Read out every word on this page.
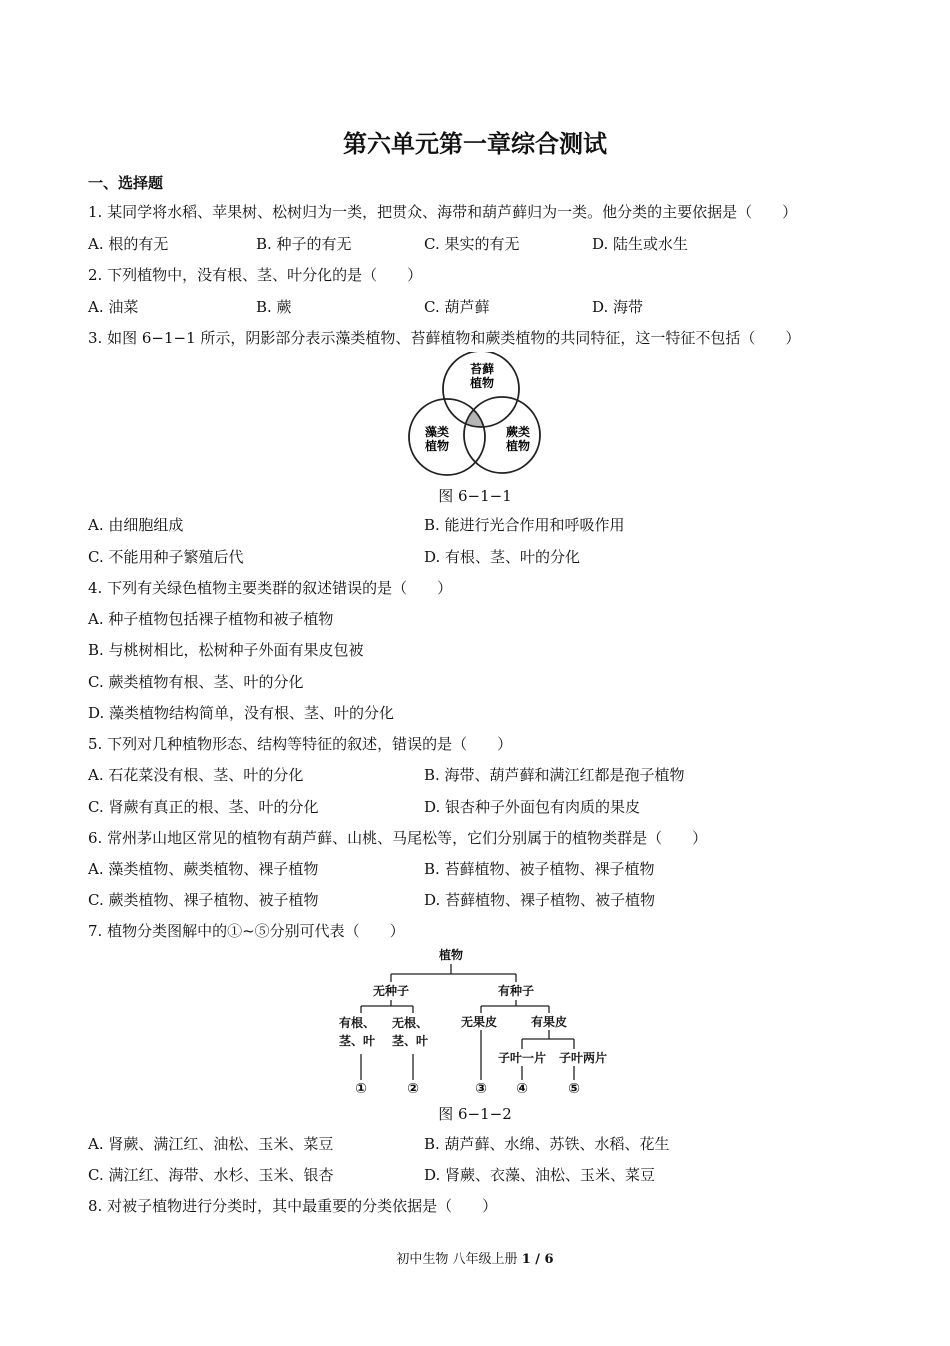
第六单元第一章综合测试
一、选择题
1. 某同学将水稻、苹果树、松树归为一类，把贯众、海带和葫芦藓归为一类。他分类的主要依据是（　　）
A. 根的有无	B. 种子的有无	C. 果实的有无	D. 陆生或水生
2. 下列植物中，没有根、茎、叶分化的是（　　）
A. 油菜	B. 蕨	C. 葫芦藓	D. 海带
3. 如图 6−1−1 所示，阴影部分表示藻类植物、苔藓植物和蕨类植物的共同特征，这一特征不包括（　　）
苔藓
植物
藻类
植物
蕨类
植物
图 6−1−1
A. 由细胞组成	B. 能进行光合作用和呼吸作用
C. 不能用种子繁殖后代	D. 有根、茎、叶的分化
4. 下列有关绿色植物主要类群的叙述错误的是（　　）
A. 种子植物包括裸子植物和被子植物
B. 与桃树相比，松树种子外面有果皮包被
C. 蕨类植物有根、茎、叶的分化
D. 藻类植物结构简单，没有根、茎、叶的分化
5. 下列对几种植物形态、结构等特征的叙述，错误的是（　　）
A. 石花菜没有根、茎、叶的分化	B. 海带、葫芦藓和满江红都是孢子植物
C. 肾蕨有真正的根、茎、叶的分化	D. 银杏种子外面包有肉质的果皮
6. 常州茅山地区常见的植物有葫芦藓、山桃、马尾松等，它们分别属于的植物类群是（　　）
A. 藻类植物、蕨类植物、裸子植物	B. 苔藓植物、被子植物、裸子植物
C. 蕨类植物、裸子植物、被子植物	D. 苔藓植物、裸子植物、被子植物
7. 植物分类图解中的①~⑤分别可代表（　　）
植物
无种子	有种子
有根、
茎、叶
无根、
茎、叶
无果皮	有果皮
子叶一片 子叶两片
①	②	③ ④	⑤
图 6−1−2
A. 肾蕨、满江红、油松、玉米、菜豆	B. 葫芦藓、水绵、苏铁、水稻、花生
C. 满江红、海带、水杉、玉米、银杏	D. 肾蕨、衣藻、油松、玉米、菜豆
8. 对被子植物进行分类时，其中最重要的分类依据是（　　）
初中生物 八年级上册 1 / 6
